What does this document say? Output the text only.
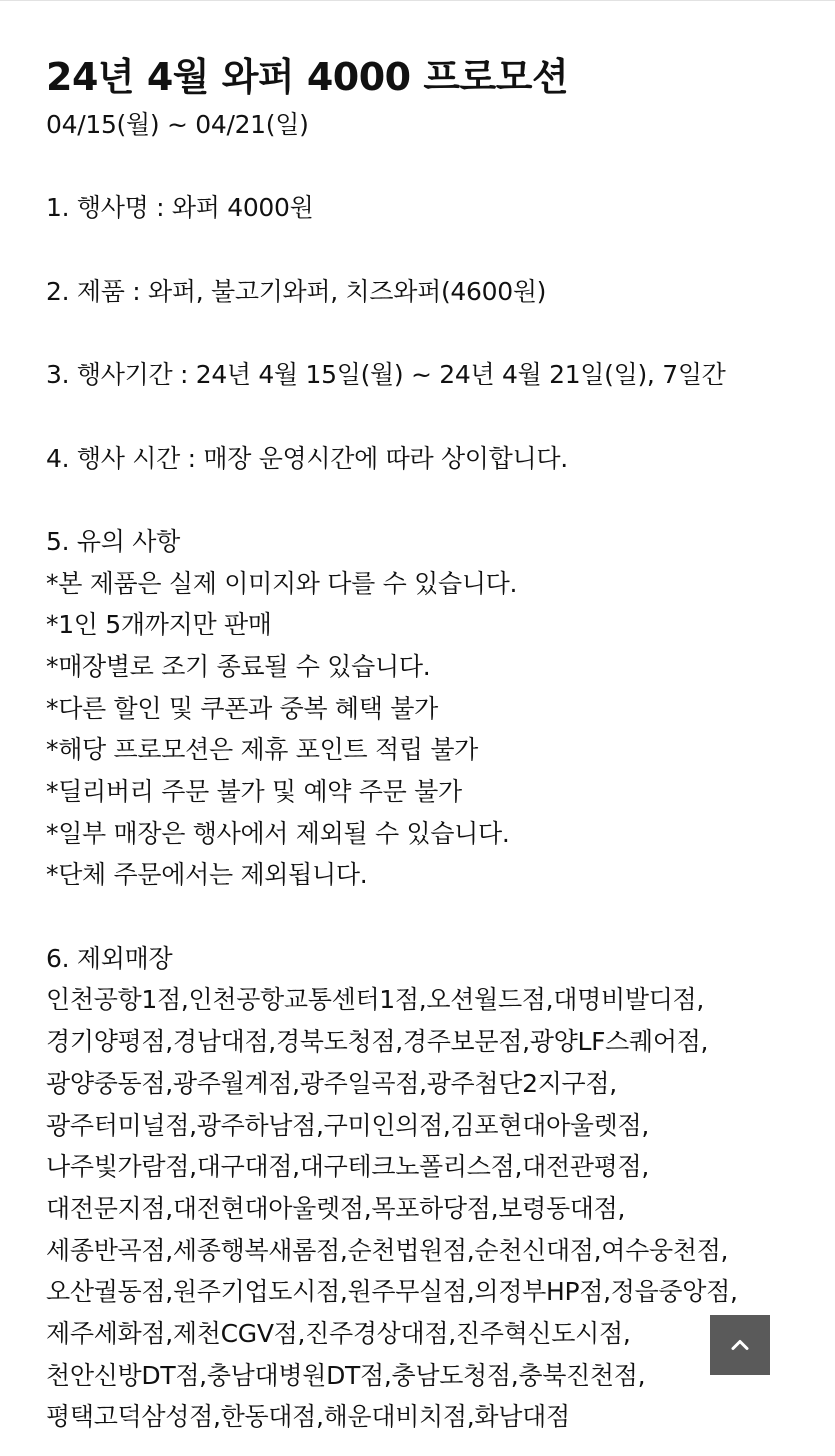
24년 4월 와퍼 4000 프로모션
04/15(월) ~ 04/21(일)
1. 행사명 : 와퍼 4000원
2. 제품 : 와퍼, 불고기와퍼, 치즈와퍼(4600원)
3. 행사기간 : 24년 4월 15일(월) ~ 24년 4월 21일(일), 7일간
4. 행사 시간 : 매장 운영시간에 따라 상이합니다.
5. 유의 사항
*본 제품은 실제 이미지와 다를 수 있습니다.
*1인 5개까지만 판매
*매장별로 조기 종료될 수 있습니다.
*다른 할인 및 쿠폰과 중복 혜택 불가
*해당 프로모션은 제휴 포인트 적립 불가
*딜리버리 주문 불가 및 예약 주문 불가
*일부 매장은 행사에서 제외될 수 있습니다.
*단체 주문에서는 제외됩니다.
6. 제외매장
인천공항1점,인천공항교통센터1점,오션월드점,대명비발디점,
경기양평점,경남대점,경북도청점,경주보문점,광양LF스퀘어점,
광양중동점,광주월계점,광주일곡점,광주첨단2지구점,
광주터미널점,광주하남점,구미인의점,김포현대아울렛점,
나주빛가람점,대구대점,대구테크노폴리스점,대전관평점,
대전문지점,대전현대아울렛점,목포하당점,보령동대점,
세종반곡점,세종행복새롬점,순천법원점,순천신대점,여수웅천점,
오산궐동점,원주기업도시점,원주무실점,의정부HP점,정읍중앙점,
제주세화점,제천CGV점,진주경상대점,진주혁신도시점,
천안신방DT점,충남대병원DT점,충남도청점,충북진천점,
평택고덕삼성점,한동대점,해운대비치점,화남대점
